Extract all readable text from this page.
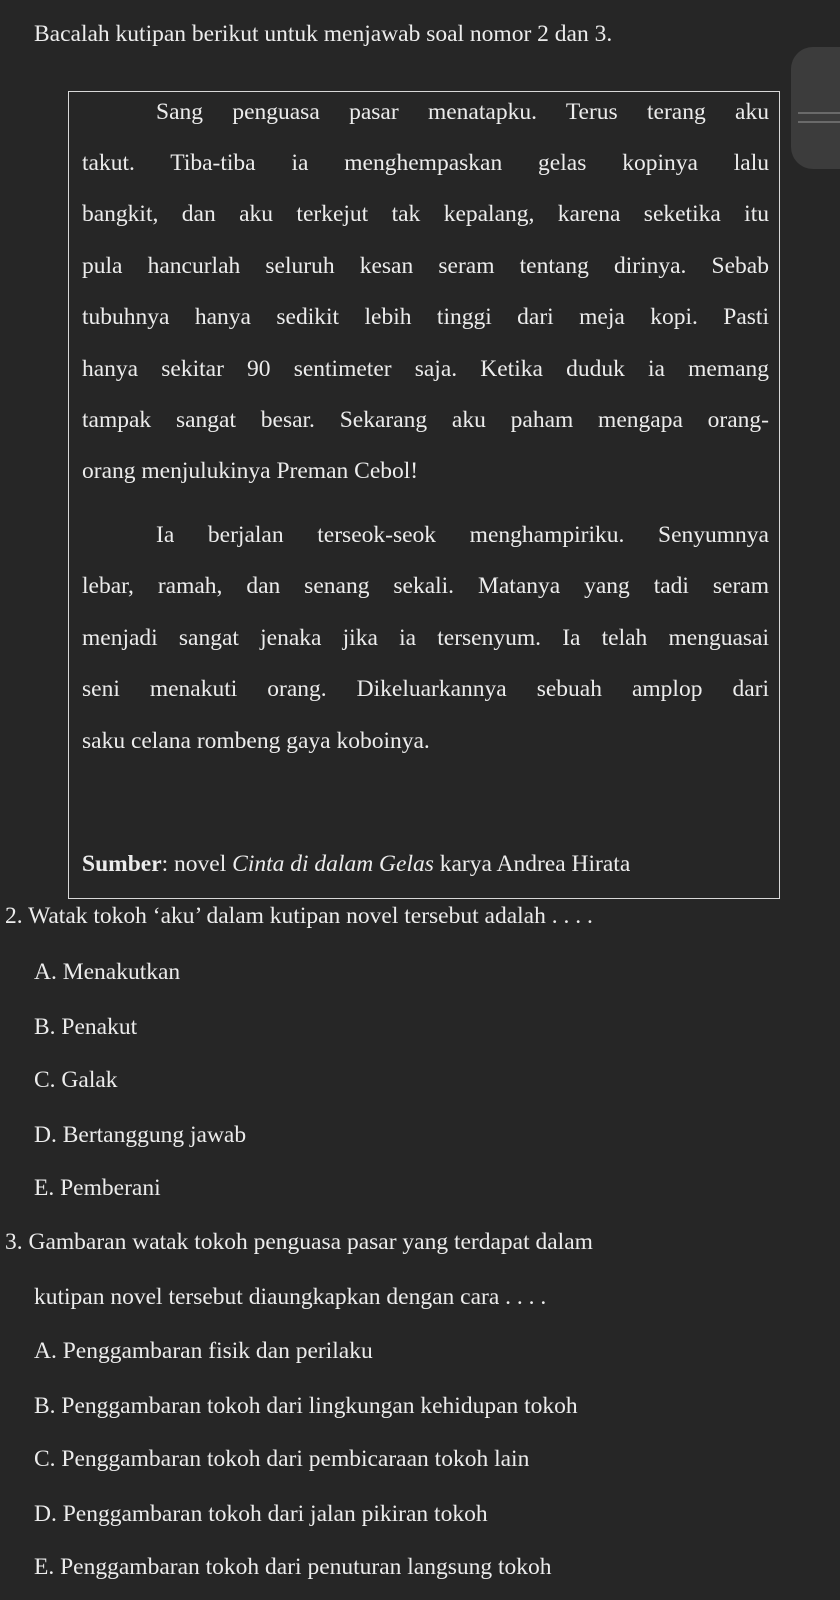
Bacalah kutipan berikut untuk menjawab soal nomor 2 dan 3.
Sang penguasa pasar menatapku. Terus terang aku
takut. Tiba-tiba ia menghempaskan gelas kopinya lalu
bangkit, dan aku terkejut tak kepalang, karena seketika itu
pula hancurlah seluruh kesan seram tentang dirinya. Sebab
tubuhnya hanya sedikit lebih tinggi dari meja kopi. Pasti
hanya sekitar 90 sentimeter saja. Ketika duduk ia memang
tampak sangat besar. Sekarang aku paham mengapa orang-
orang menjulukinya Preman Cebol!
Ia berjalan terseok-seok menghampiriku. Senyumnya
lebar, ramah, dan senang sekali. Matanya yang tadi seram
menjadi sangat jenaka jika ia tersenyum. Ia telah menguasai
seni menakuti orang. Dikeluarkannya sebuah amplop dari
saku celana rombeng gaya koboinya.
Sumber: novel Cinta di dalam Gelas karya Andrea Hirata
2. Watak tokoh ‘aku’ dalam kutipan novel tersebut adalah . . . .
A. Menakutkan
B. Penakut
C. Galak
D. Bertanggung jawab
E. Pemberani
3. Gambaran watak tokoh penguasa pasar yang terdapat dalam
kutipan novel tersebut diaungkapkan dengan cara . . . .
A. Penggambaran fisik dan perilaku
B. Penggambaran tokoh dari lingkungan kehidupan tokoh
C. Penggambaran tokoh dari pembicaraan tokoh lain
D. Penggambaran tokoh dari jalan pikiran tokoh
E. Penggambaran tokoh dari penuturan langsung tokoh
